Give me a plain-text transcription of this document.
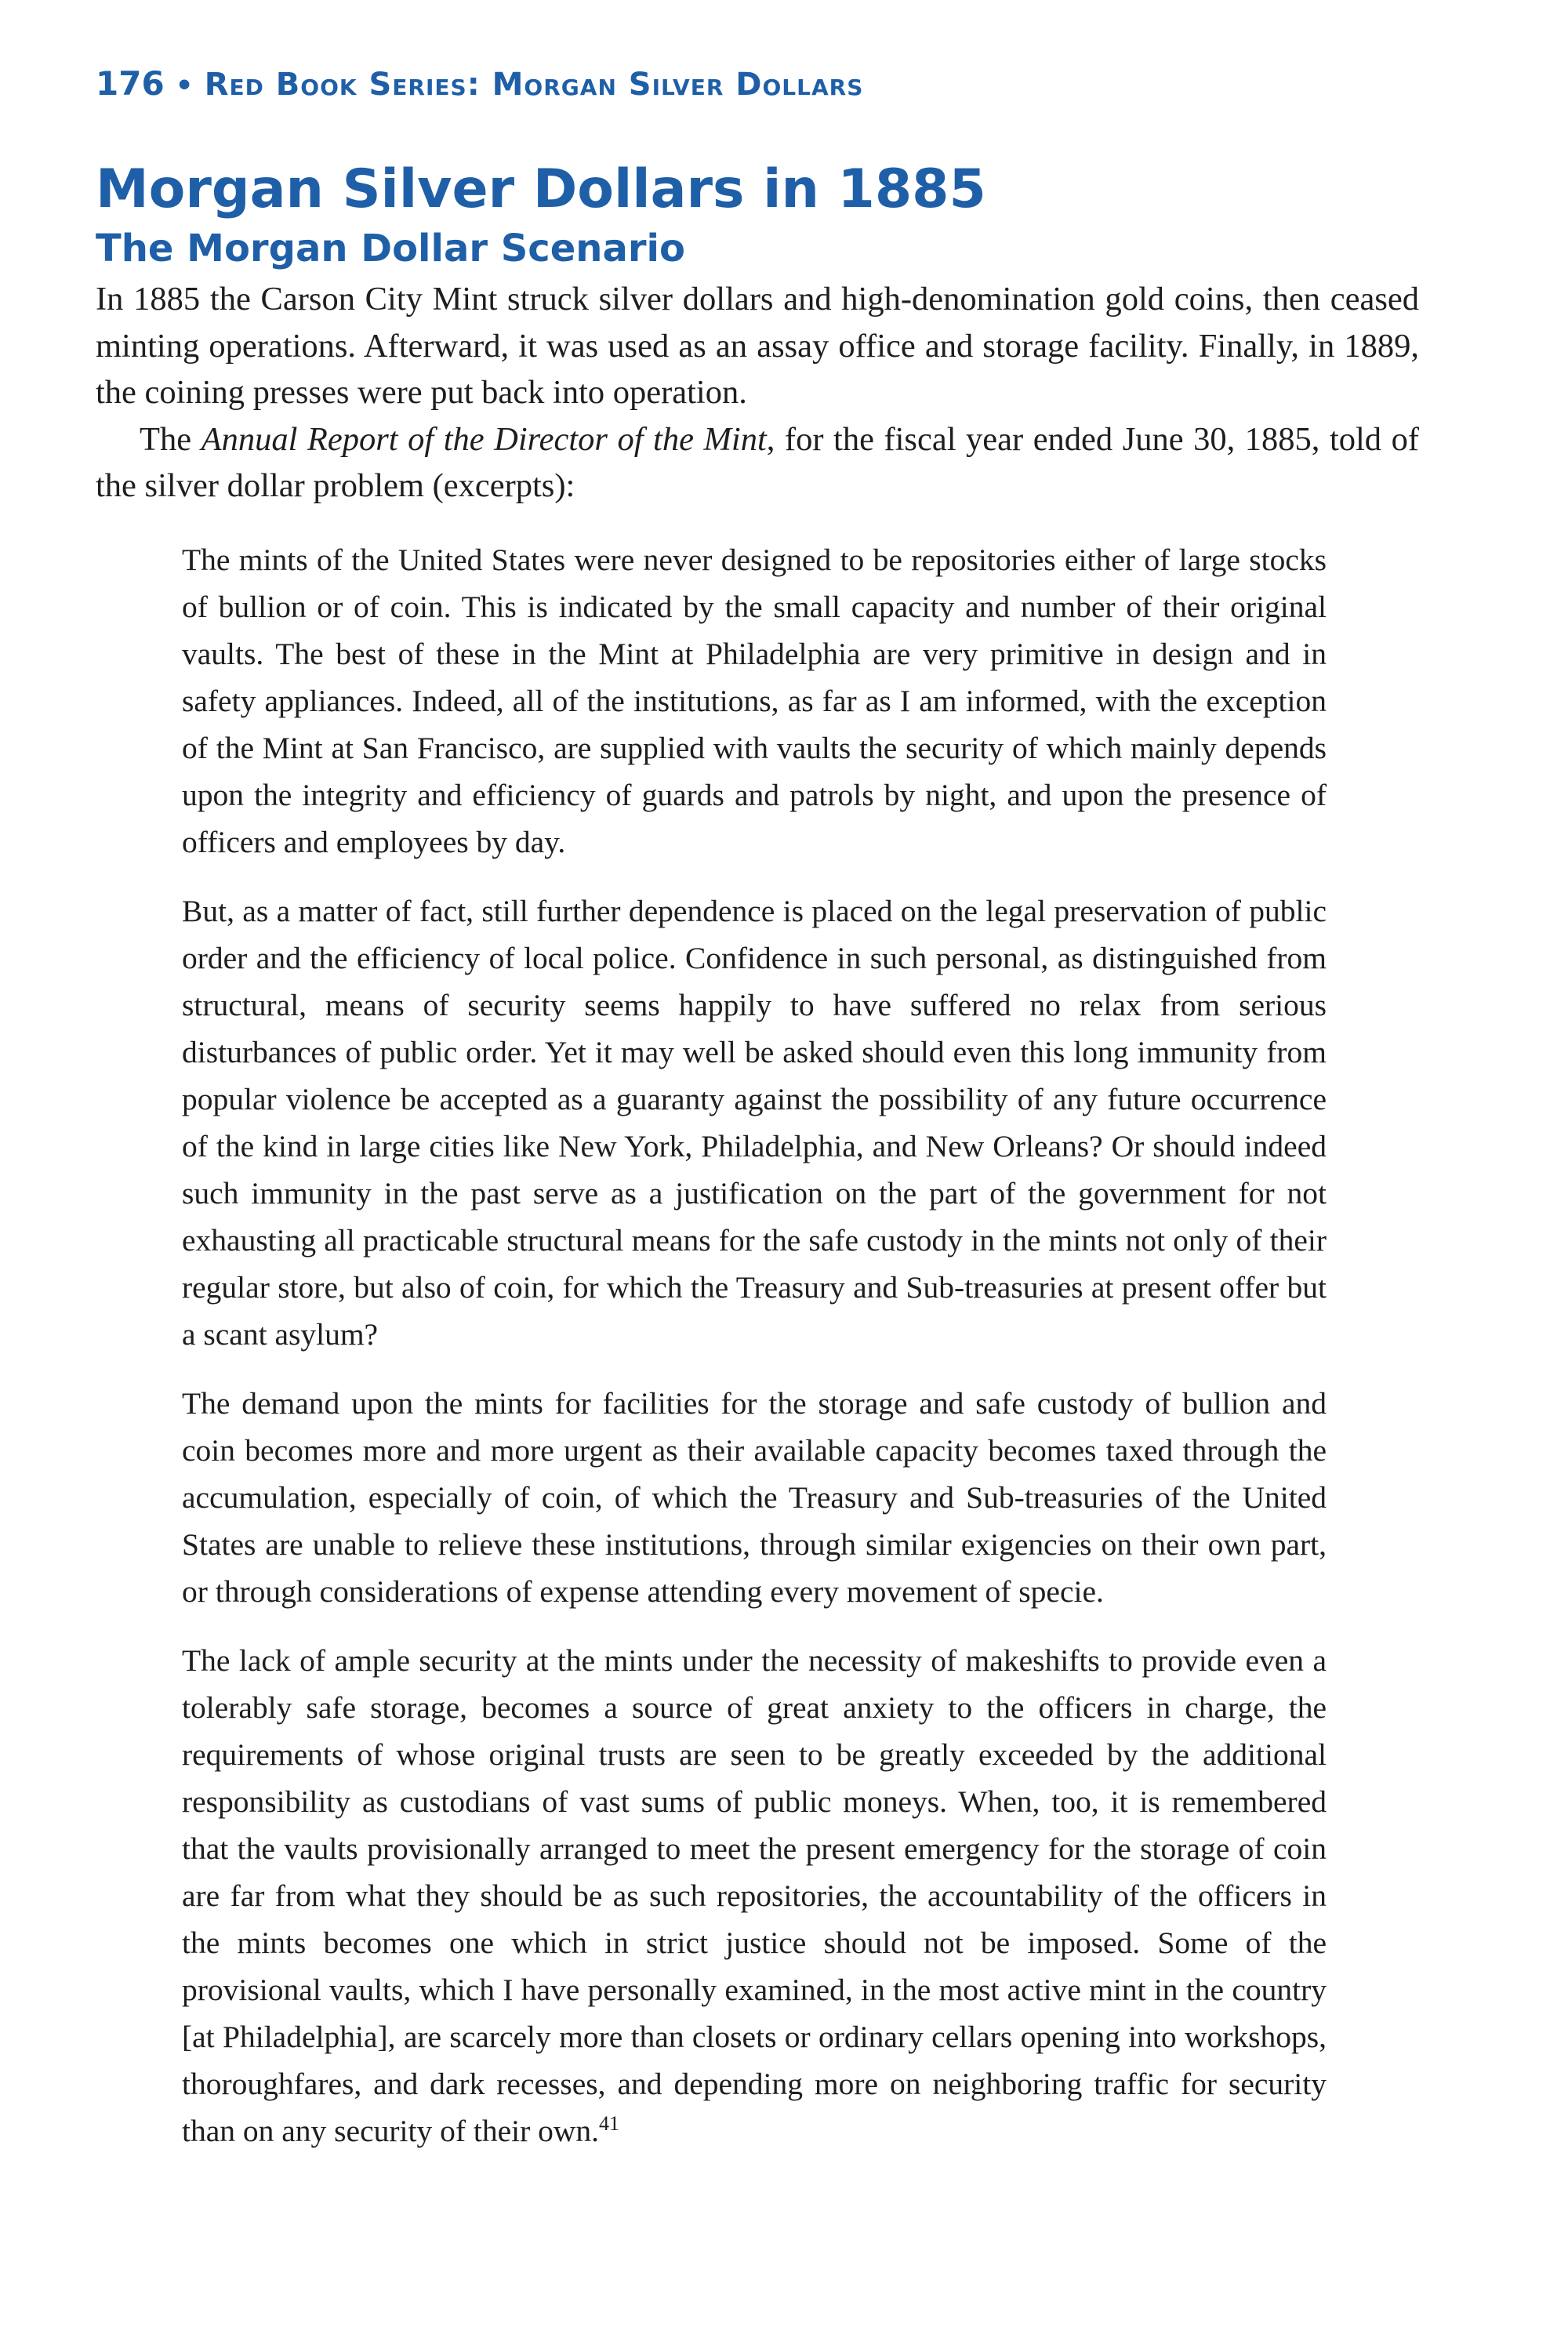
176 • Red Book Series: Morgan Silver Dollars
Morgan Silver Dollars in 1885
The Morgan Dollar Scenario

In 1885 the Carson City Mint struck silver dollars and high-denomination gold coins, then ceased minting operations. Afterward, it was used as an assay office and storage facility. Finally, in 1889, the coining presses were put back into operation.

The Annual Report of the Director of the Mint, for the fiscal year ended June 30, 1885, told of the silver dollar problem (excerpts):

The mints of the United States were never designed to be repositories either of large stocks of bullion or of coin. This is indicated by the small capacity and number of their original vaults. The best of these in the Mint at Philadelphia are very primitive in design and in safety appliances. Indeed, all of the institutions, as far as I am informed, with the exception of the Mint at San Francisco, are supplied with vaults the security of which mainly depends upon the integrity and efficiency of guards and patrols by night, and upon the presence of officers and employees by day.

But, as a matter of fact, still further dependence is placed on the legal preservation of public order and the efficiency of local police. Confidence in such personal, as distinguished from structural, means of security seems happily to have suffered no relax from serious disturbances of public order. Yet it may well be asked should even this long immunity from popular violence be accepted as a guaranty against the possibility of any future occurrence of the kind in large cities like New York, Philadelphia, and New Orleans? Or should indeed such immunity in the past serve as a justification on the part of the government for not exhausting all practicable structural means for the safe custody in the mints not only of their regular store, but also of coin, for which the Treasury and Sub-treasuries at present offer but a scant asylum?

The demand upon the mints for facilities for the storage and safe custody of bullion and coin becomes more and more urgent as their available capacity becomes taxed through the accumulation, especially of coin, of which the Treasury and Sub-treasuries of the United States are unable to relieve these institutions, through similar exigencies on their own part, or through considerations of expense attending every movement of specie.

The lack of ample security at the mints under the necessity of makeshifts to provide even a tolerably safe storage, becomes a source of great anxiety to the officers in charge, the requirements of whose original trusts are seen to be greatly exceeded by the additional responsibility as custodians of vast sums of public moneys. When, too, it is remembered that the vaults provisionally arranged to meet the present emergency for the storage of coin are far from what they should be as such repositories, the accountability of the officers in the mints becomes one which in strict justice should not be imposed. Some of the provisional vaults, which I have personally examined, in the most active mint in the country [at Philadelphia], are scarcely more than closets or ordinary cellars opening into workshops, thoroughfares, and dark recesses, and depending more on neighboring traffic for security than on any security of their own.$^{41}$
